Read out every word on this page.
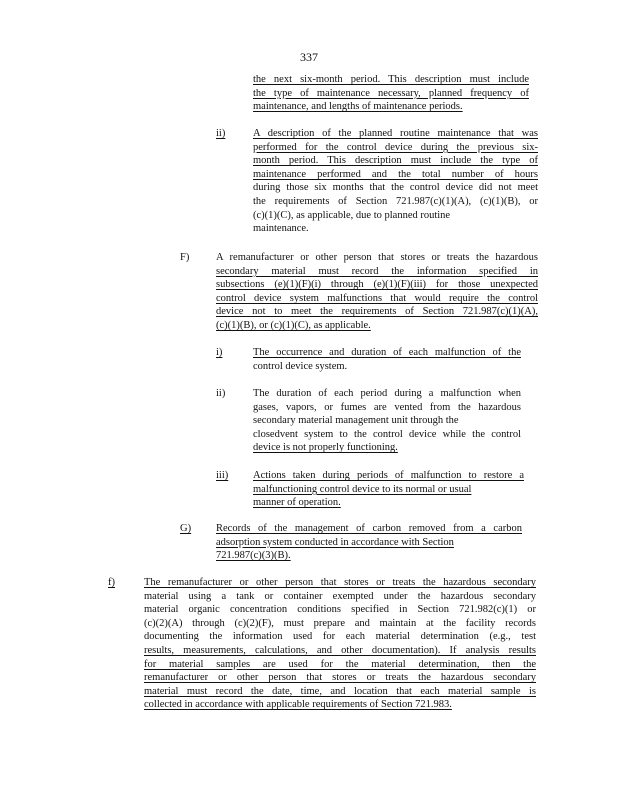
337
the next six-month period. This description must include
the type of maintenance necessary, planned frequency of
maintenance, and lengths of maintenance periods.
ii)	A description of the planned routine maintenance that was
performed for the control device during the previous six-
month period. This description must include the type of
maintenance performed and the total number of hours
during those six months that the control device did not meet
the requirements of Section 721.987(c)(1)(A), (c)(1)(B), or
(c)(1)(C), as applicable, due to planned routine
maintenance.
F)	A remanufacturer or other person that stores or treats the hazardous
secondary material must record the information specified in
subsections (e)(1)(F)(i) through (e)(1)(F)(iii) for those unexpected
control device system malfunctions that would require the control
device not to meet the requirements of Section 721.987(c)(1)(A),
(c)(1)(B), or (c)(1)(C), as applicable.
i)	The occurrence and duration of each malfunction of the
control device system.
ii)	The duration of each period during a malfunction when
gases, vapors, or fumes are vented from the hazardous
secondary material management unit through the
closedvent system to the control device while the control
device is not properly functioning.
iii) Actions taken during periods of malfunction to restore a
malfunctioning control device to its normal or usual
manner of operation.
G) Records of the management of carbon removed from a carbon
adsorption system conducted in accordance with Section
721.987(c)(3)(B).
f)	The remanufacturer or other person that stores or treats the hazardous secondary
material using a tank or container exempted under the hazardous secondary
material organic concentration conditions specified in Section 721.982(c)(1) or
(c)(2)(A) through (c)(2)(F), must prepare and maintain at the facility records
documenting the information used for each material determination (e.g., test
results, measurements, calculations, and other documentation). If analysis results
for material samples are used for the material determination, then the
remanufacturer or other person that stores or treats the hazardous secondary
material must record the date, time, and location that each material sample is
collected in accordance with applicable requirements of Section 721.983.
